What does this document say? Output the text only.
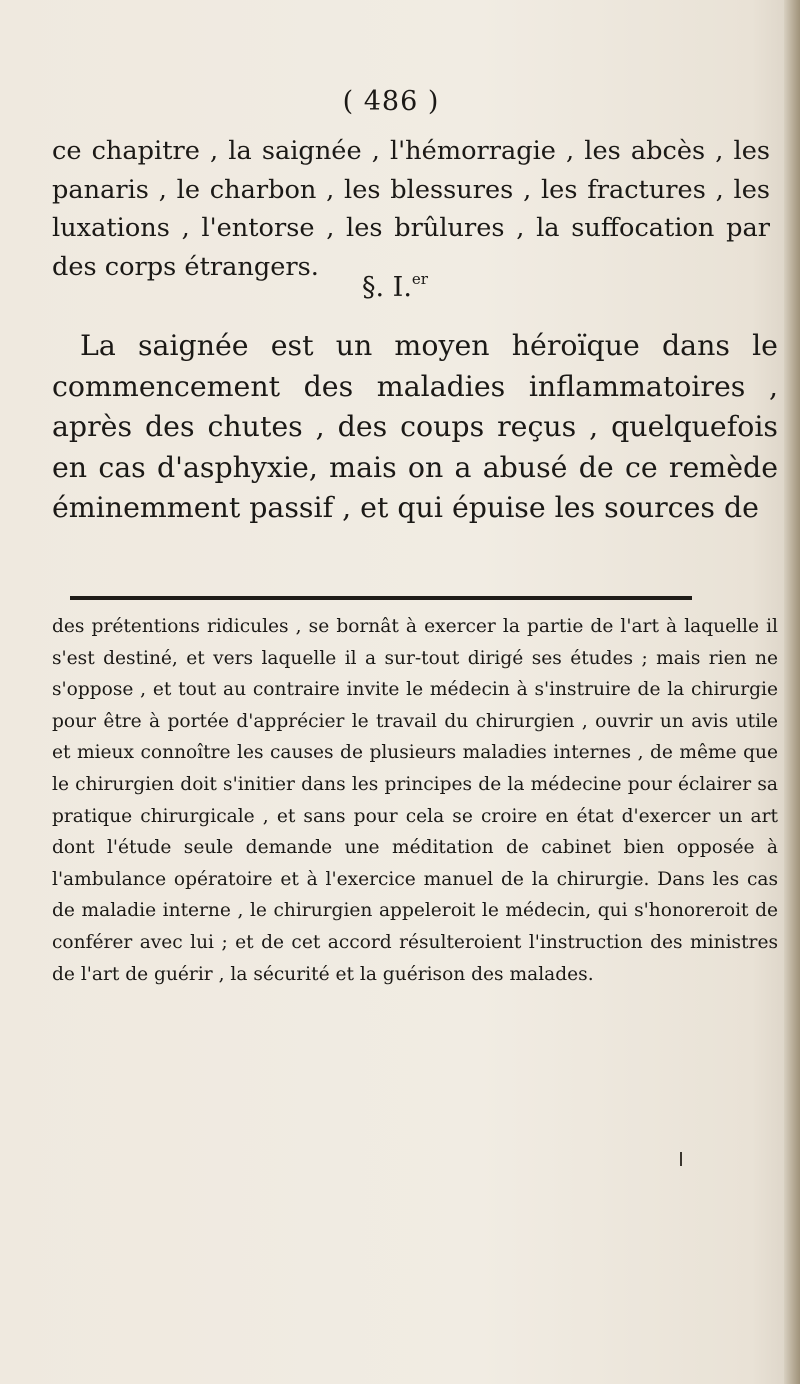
( 486 )

ce chapitre , la saignée , l'hémorragie , les abcès , les panaris , le charbon , les blessures , les fractures , les luxations , l'entorse , les brûlures , la suffocation par des corps étrangers.

§. I.$^{er}$

La saignée est un moyen héroïque dans le commencement des maladies inflammatoires , après des chutes , des coups reçus , quelquefois en cas d'asphyxie, mais on a abusé de ce remède éminemment passif , et qui épuise les sources de

des prétentions ridicules , se bornât à exercer la partie de l'art à laquelle il s'est destiné, et vers laquelle il a sur-tout dirigé ses études ; mais rien ne s'oppose , et tout au contraire invite le médecin à s'instruire de la chirurgie pour être à portée d'apprécier le travail du chirurgien , ouvrir un avis utile et mieux connoître les causes de plusieurs maladies internes , de même que le chirurgien doit s'initier dans les principes de la médecine pour éclairer sa pratique chirurgicale , et sans pour cela se croire en état d'exercer un art dont l'étude seule demande une méditation de cabinet bien opposée à l'ambulance opératoire et à l'exercice manuel de la chirurgie. Dans les cas de maladie interne , le chirurgien appeleroit le médecin, qui s'honoreroit de conférer avec lui ; et de cet accord résulteroient l'instruction des ministres de l'art de guérir , la sécurité et la guérison des malades.
